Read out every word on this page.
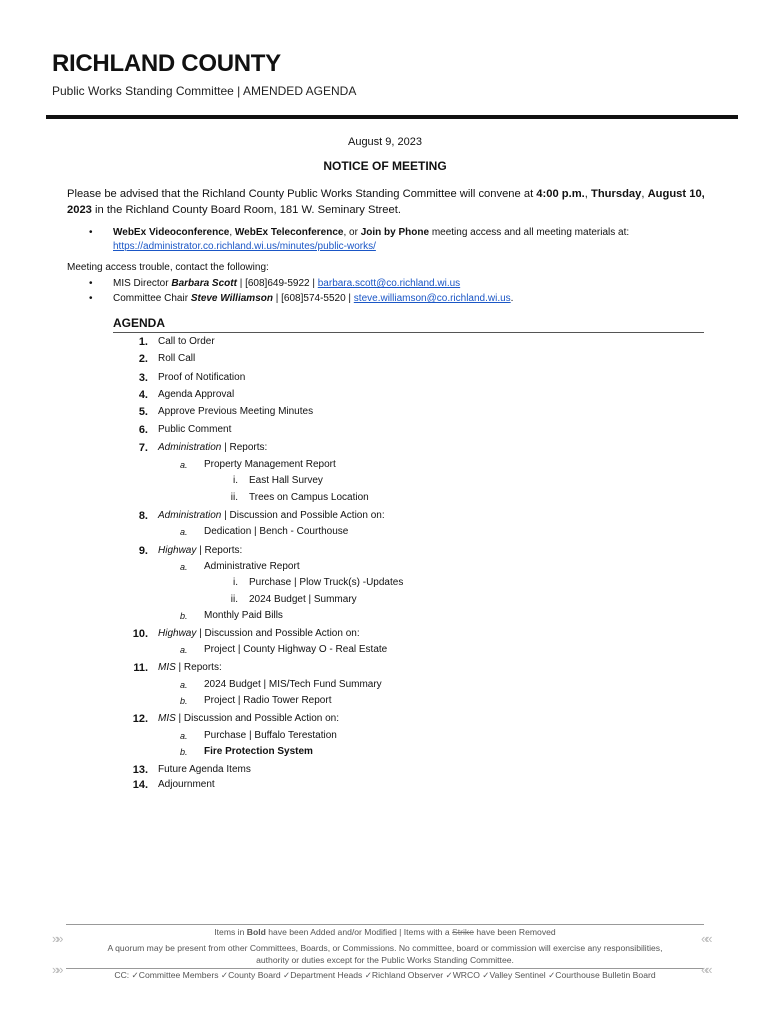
RICHLAND COUNTY
Public Works Standing Committee | AMENDED AGENDA
August 9, 2023
NOTICE OF MEETING
Please be advised that the Richland County Public Works Standing Committee will convene at 4:00 p.m., Thursday, August 10, 2023 in the Richland County Board Room, 181 W. Seminary Street.
• WebEx Videoconference, WebEx Teleconference, or Join by Phone meeting access and all meeting materials at:
https://administrator.co.richland.wi.us/minutes/public-works/
Meeting access trouble, contact the following:
• MIS Director Barbara Scott | [608]649-5922 | barbara.scott@co.richland.wi.us
• Committee Chair Steve Williamson | [608]574-5520 | steve.williamson@co.richland.wi.us.
AGENDA
1. Call to Order
2. Roll Call
3. Proof of Notification
4. Agenda Approval
5. Approve Previous Meeting Minutes
6. Public Comment
7. Administration | Reports:
a. Property Management Report
i. East Hall Survey
ii. Trees on Campus Location
8. Administration | Discussion and Possible Action on:
a. Dedication | Bench - Courthouse
9. Highway | Reports:
a. Administrative Report
i. Purchase | Plow Truck(s) -Updates
ii. 2024 Budget | Summary
b. Monthly Paid Bills
10. Highway | Discussion and Possible Action on:
a. Project | County Highway O - Real Estate
11. MIS | Reports:
a. 2024 Budget | MIS/Tech Fund Summary
b. Project | Radio Tower Report
12. MIS | Discussion and Possible Action on:
a. Purchase | Buffalo Terestation
b. Fire Protection System
13. Future Agenda Items
14. Adjournment
Items in Bold have been Added and/or Modified | Items with a Strike have been Removed
A quorum may be present from other Committees, Boards, or Commissions. No committee, board or commission will exercise any responsibilities,
authority or duties except for the Public Works Standing Committee.
CC: ✓Committee Members ✓County Board ✓Department Heads ✓Richland Observer ✓WRCO ✓Valley Sentinel ✓Courthouse Bulletin Board
»»
»»
»»
»»
